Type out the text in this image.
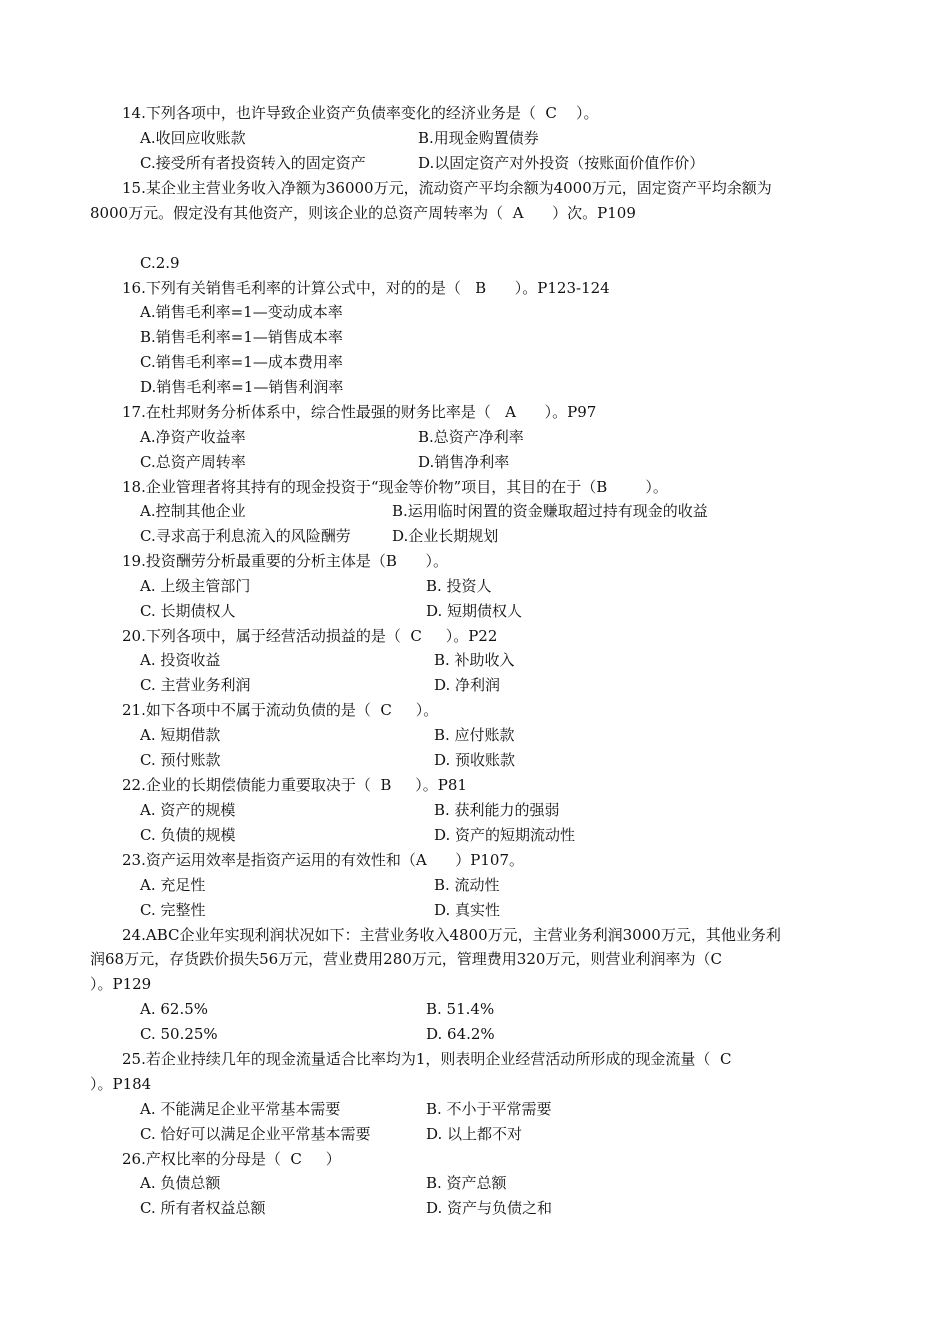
14.下列各项中，也许导致企业资产负债率变化的经济业务是（  C    ）。
A.收回应收账款	B.用现金购置债券
C.接受所有者投资转入的固定资产	D.以固定资产对外投资（按账面价值作价）
15.某企业主营业务收入净额为36000万元，流动资产平均余额为4000万元，固定资产平均余额为
8000万元。假定没有其他资产，则该企业的总资产周转率为（  A      ）次。P109
C.2.9
16.下列有关销售毛利率的计算公式中，对的的是（   B      ）。P123-124
A.销售毛利率=1—变动成本率
B.销售毛利率=1—销售成本率
C.销售毛利率=1—成本费用率
D.销售毛利率=1—销售利润率
17.在杜邦财务分析体系中，综合性最强的财务比率是（   A      ）。P97
A.净资产收益率	B.总资产净利率
C.总资产周转率	D.销售净利率
18.企业管理者将其持有的现金投资于“现金等价物”项目，其目的在于（B        ）。
A.控制其他企业	B.运用临时闲置的资金赚取超过持有现金的收益
C.寻求高于利息流入的风险酬劳	D.企业长期规划
19.投资酬劳分析最重要的分析主体是（B      ）。
A. 上级主管部门	B. 投资人
C. 长期债权人	D. 短期债权人
20.下列各项中，属于经营活动损益的是（  C     ）。P22
A. 投资收益	B. 补助收入
C. 主营业务利润	D. 净利润
21.如下各项中不属于流动负债的是（  C     ）。
A. 短期借款	B. 应付账款
C. 预付账款	D. 预收账款
22.企业的长期偿债能力重要取决于（  B     ）。P81
A. 资产的规模	B. 获利能力的强弱
C. 负债的规模	D. 资产的短期流动性
23.资产运用效率是指资产运用的有效性和（A      ）P107。
A. 充足性	B. 流动性
C. 完整性	D. 真实性
24.ABC企业年实现利润状况如下：主营业务收入4800万元，主营业务利润3000万元，其他业务利
润68万元，存货跌价损失56万元，营业费用280万元，管理费用320万元，则营业利润率为（C
）。P129
A. 62.5%	B. 51.4%
C. 50.25%	D. 64.2%
25.若企业持续几年的现金流量适合比率均为1，则表明企业经营活动所形成的现金流量（  C
）。P184
A. 不能满足企业平常基本需要	B. 不小于平常需要
C. 恰好可以满足企业平常基本需要	D. 以上都不对
26.产权比率的分母是（  C     ）
A. 负债总额	B. 资产总额
C. 所有者权益总额	D. 资产与负债之和
